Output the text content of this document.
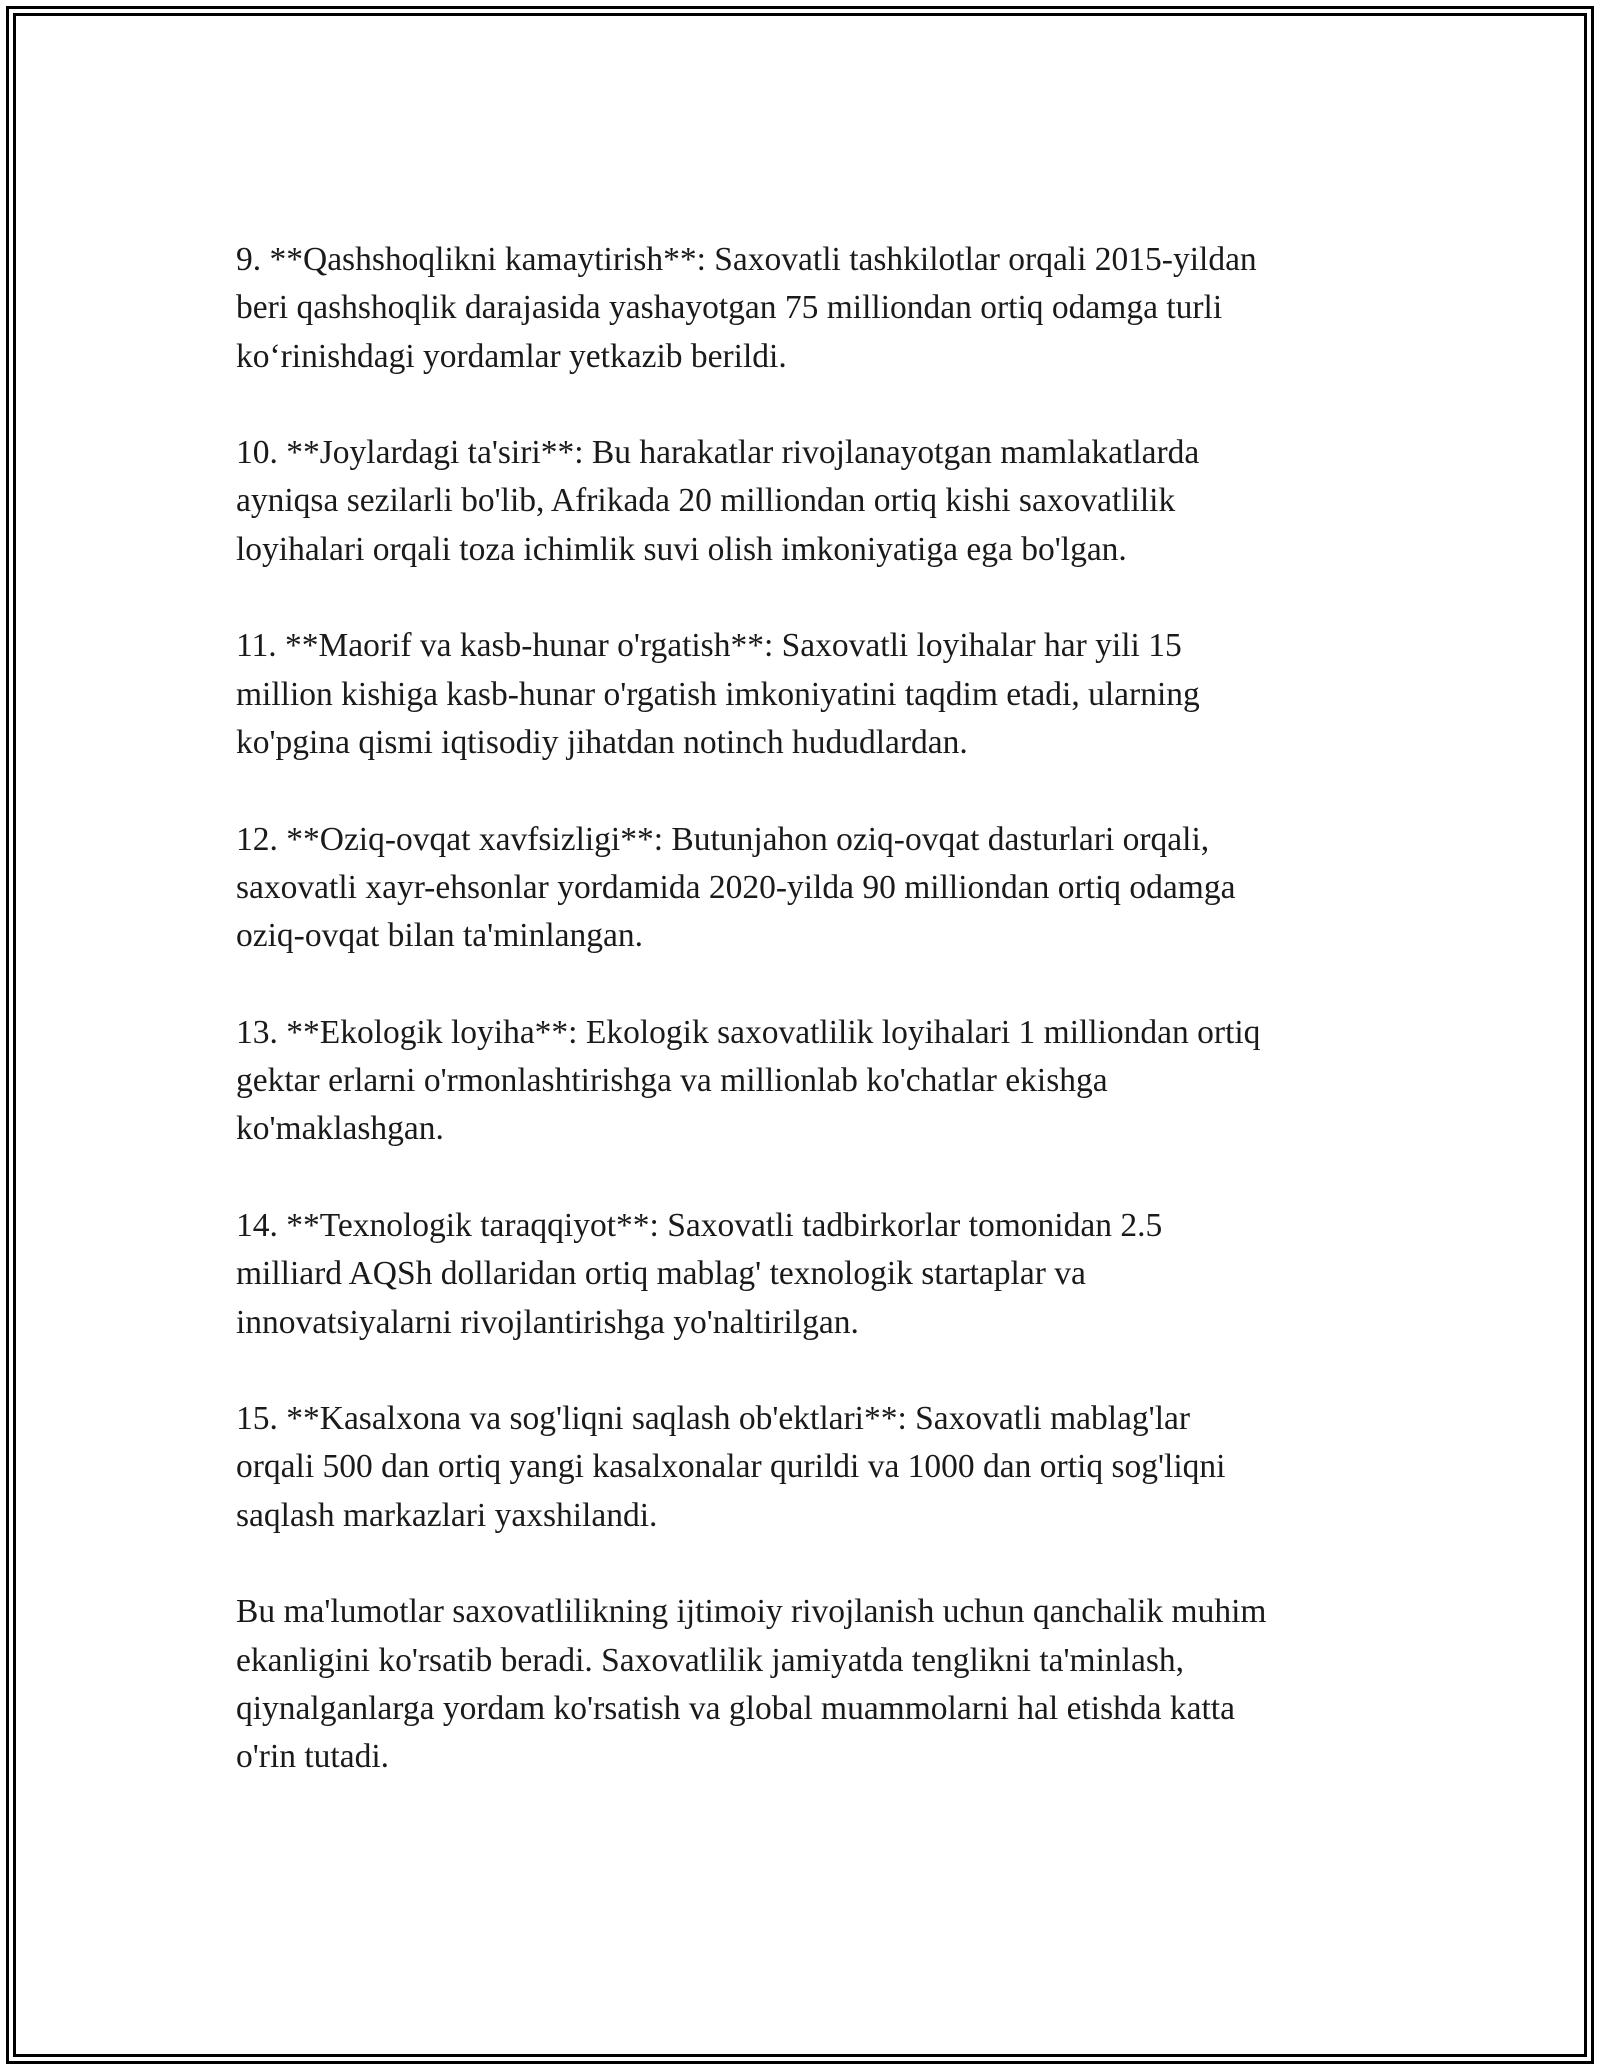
9. **Qashshoqlikni kamaytirish**: Saxovatli tashkilotlar orqali 2015-yildan
beri qashshoqlik darajasida yashayotgan 75 milliondan ortiq odamga turli
ko‘rinishdagi yordamlar yetkazib berildi.

10. **Joylardagi ta'siri**: Bu harakatlar rivojlanayotgan mamlakatlarda
ayniqsa sezilarli bo'lib, Afrikada 20 milliondan ortiq kishi saxovatlilik
loyihalari orqali toza ichimlik suvi olish imkoniyatiga ega bo'lgan.

11. **Maorif va kasb-hunar o'rgatish**: Saxovatli loyihalar har yili 15
million kishiga kasb-hunar o'rgatish imkoniyatini taqdim etadi, ularning
ko'pgina qismi iqtisodiy jihatdan notinch hududlardan.

12. **Oziq-ovqat xavfsizligi**: Butunjahon oziq-ovqat dasturlari orqali,
saxovatli xayr-ehsonlar yordamida 2020-yilda 90 milliondan ortiq odamga
oziq-ovqat bilan ta'minlangan.

13. **Ekologik loyiha**: Ekologik saxovatlilik loyihalari 1 milliondan ortiq
gektar erlarni o'rmonlashtirishga va millionlab ko'chatlar ekishga
ko'maklashgan.

14. **Texnologik taraqqiyot**: Saxovatli tadbirkorlar tomonidan 2.5
milliard AQSh dollaridan ortiq mablag' texnologik startaplar va
innovatsiyalarni rivojlantirishga yo'naltirilgan.

15. **Kasalxona va sog'liqni saqlash ob'ektlari**: Saxovatli mablag'lar
orqali 500 dan ortiq yangi kasalxonalar qurildi va 1000 dan ortiq sog'liqni
saqlash markazlari yaxshilandi.

Bu ma'lumotlar saxovatlilikning ijtimoiy rivojlanish uchun qanchalik muhim
ekanligini ko'rsatib beradi. Saxovatlilik jamiyatda tenglikni ta'minlash,
qiynalganlarga yordam ko'rsatish va global muammolarni hal etishda katta
o'rin tutadi.
